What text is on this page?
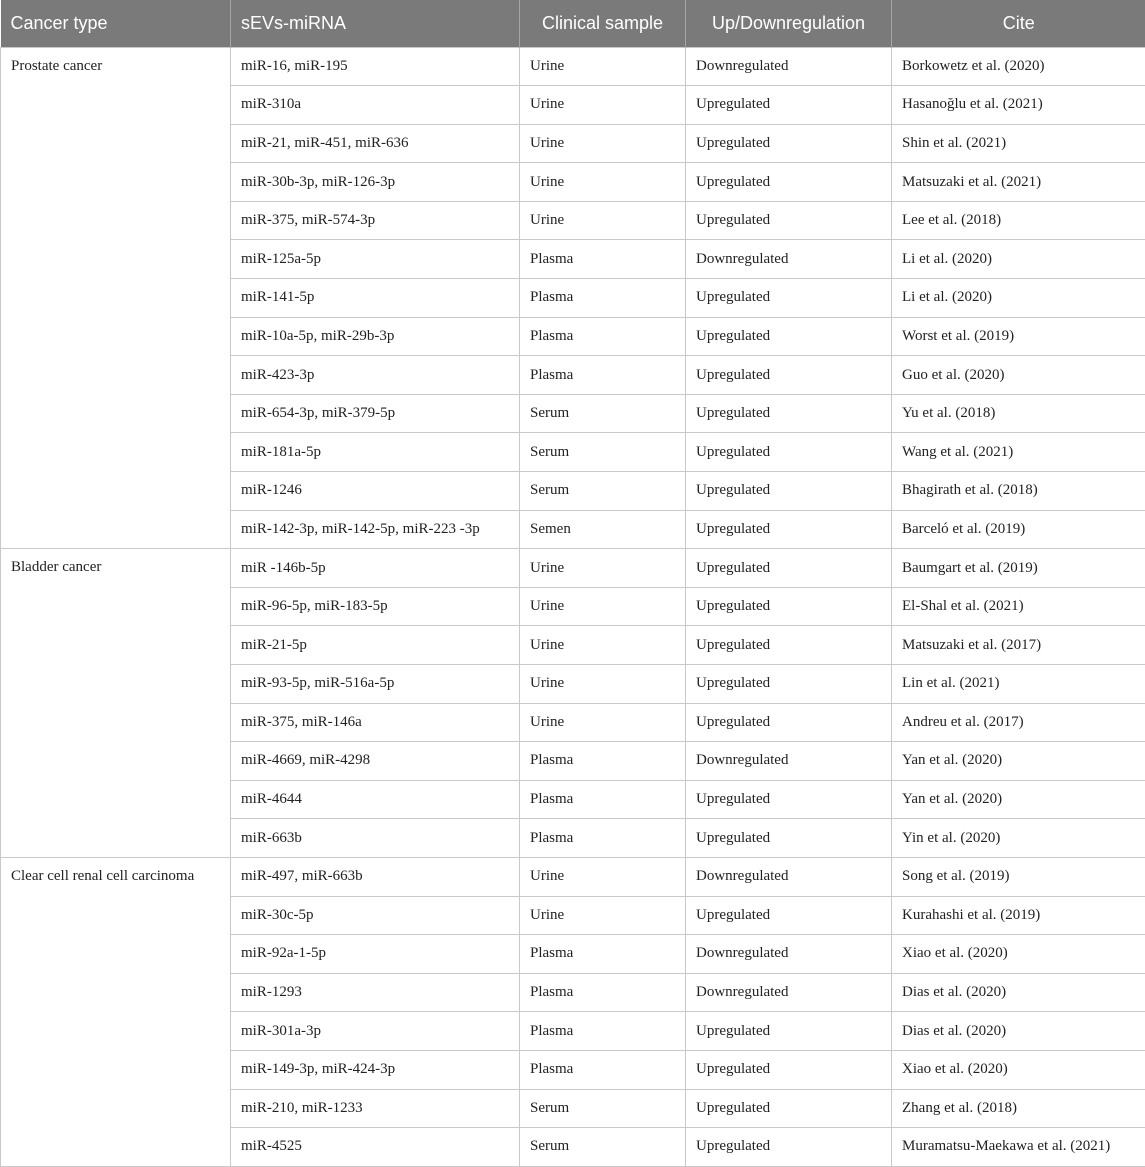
Cancer type	sEVs-miRNA	Clinical sample	Up/Downregulation	Cite
Prostate cancer	miR-16, miR-195	Urine	Downregulated	Borkowetz et al. (2020)
	miR-310a	Urine	Upregulated	Hasanoğlu et al. (2021)
	miR-21, miR-451, miR-636	Urine	Upregulated	Shin et al. (2021)
	miR-30b-3p, miR-126-3p	Urine	Upregulated	Matsuzaki et al. (2021)
	miR-375, miR-574-3p	Urine	Upregulated	Lee et al. (2018)
	miR-125a-5p	Plasma	Downregulated	Li et al. (2020)
	miR-141-5p	Plasma	Upregulated	Li et al. (2020)
	miR-10a-5p, miR-29b-3p	Plasma	Upregulated	Worst et al. (2019)
	miR-423-3p	Plasma	Upregulated	Guo et al. (2020)
	miR-654-3p, miR-379-5p	Serum	Upregulated	Yu et al. (2018)
	miR-181a-5p	Serum	Upregulated	Wang et al. (2021)
	miR-1246	Serum	Upregulated	Bhagirath et al. (2018)
	miR-142-3p, miR-142-5p, miR-223 -3p	Semen	Upregulated	Barceló et al. (2019)
Bladder cancer	miR -146b-5p	Urine	Upregulated	Baumgart et al. (2019)
	miR-96-5p, miR-183-5p	Urine	Upregulated	El-Shal et al. (2021)
	miR-21-5p	Urine	Upregulated	Matsuzaki et al. (2017)
	miR-93-5p, miR-516a-5p	Urine	Upregulated	Lin et al. (2021)
	miR-375, miR-146a	Urine	Upregulated	Andreu et al. (2017)
	miR-4669, miR-4298	Plasma	Downregulated	Yan et al. (2020)
	miR-4644	Plasma	Upregulated	Yan et al. (2020)
	miR-663b	Plasma	Upregulated	Yin et al. (2020)
Clear cell renal cell carcinoma	miR-497, miR-663b	Urine	Downregulated	Song et al. (2019)
	miR-30c-5p	Urine	Upregulated	Kurahashi et al. (2019)
	miR-92a-1-5p	Plasma	Downregulated	Xiao et al. (2020)
	miR-1293	Plasma	Downregulated	Dias et al. (2020)
	miR-301a-3p	Plasma	Upregulated	Dias et al. (2020)
	miR-149-3p, miR-424-3p	Plasma	Upregulated	Xiao et al. (2020)
	miR-210, miR-1233	Serum	Upregulated	Zhang et al. (2018)
	miR-4525	Serum	Upregulated	Muramatsu-Maekawa et al. (2021)
